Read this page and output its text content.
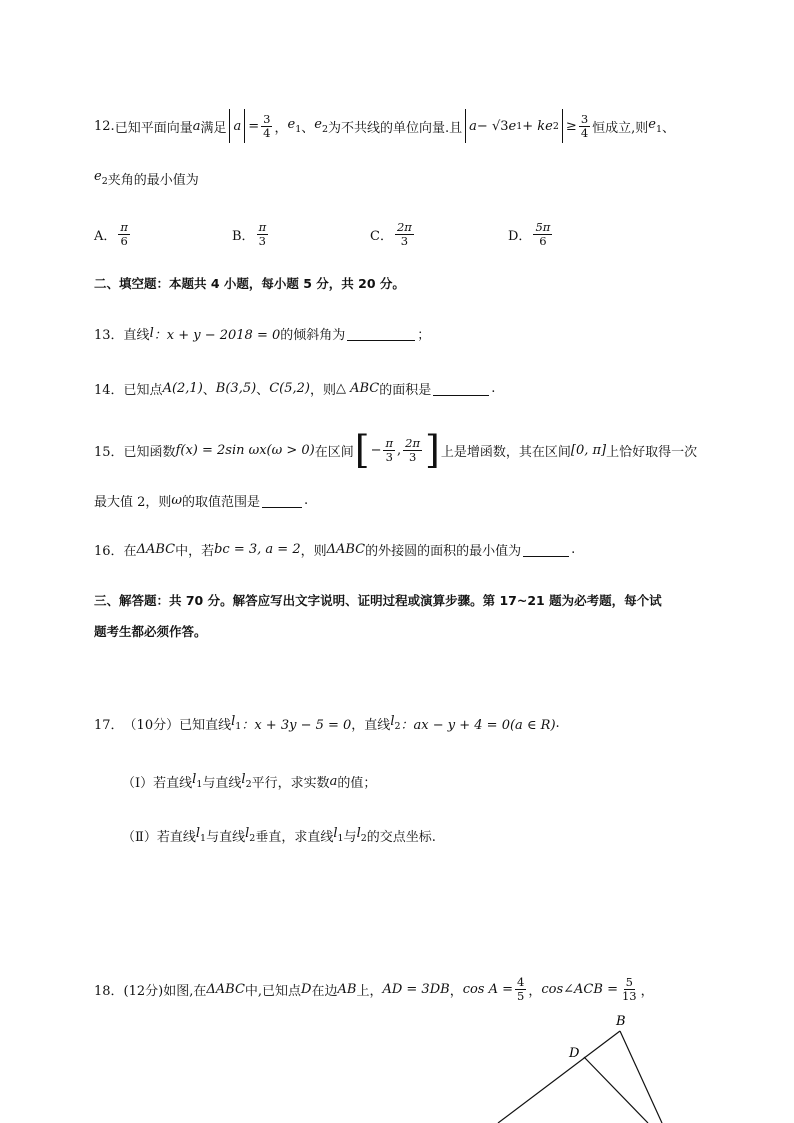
12. 已知平面向量 a 满足 $a = \frac{3}{4}$ ， $e_1$ 、 $e_2$ 为不共线的单位向量.且 a − √3 e 1 + k e $2 \ge \frac{3}{4}$ 恒成立,则 $e_1$ 、
$e_2$ 夹角的最小值为
A． $\frac{\pi}{6}$	B． $\frac{\pi}{3}$	C． $\frac{2\pi}{3}$	D． $\frac{5\pi}{6}$
二、填空题：本题共 4 小题，每小题 5 分，共 20 分。
13． 直线 l ：x + y − 2018 = 0 的倾斜角为	；
14． 已知点 A(2,1) 、 B(3,5) 、 C(5,2) ，则 △ ABC 的面积是	.
15． 已知函数 f(x) = 2sin ωx(ω > 0) 在区间 [ − $\frac{\pi}{3}$ , $\frac{2\pi}{3}$ ] 上是增函数，其在区间 [0, π] 上恰好取得一次
最大值 2，则 ω 的取值范围是	.
16． 在 ΔABC 中，若 bc = 3, a = 2 ，则 ΔABC 的外接圆的面积的最小值为	.
三、解答题：共 70 分。解答应写出文字说明、证明过程或演算步骤。第 17~21 题为必考题，每个试
题考生都必须作答。
17． （10分） 已知直线 $l_1$ ：x + 3y − 5 = 0 ，直线 $l_2$ ：ax − y + 4 = 0(a ∈ R) .
（Ⅰ） 若直线 $l_1$ 与直线 $l_2$ 平行，求实数 a 的值；
（Ⅱ） 若直线 $l_1$ 与直线 $l_2$ 垂直，求直线 $l_1$ 与 $l_2$ 的交点坐标.
18． (12分) 如图,在 ΔABC 中,已知点 D 在边 AB 上， AD = 3DB ， $\cos A = \frac{4}{5}$ ， cos∠ACB = $\frac{5}{13}$ ，
B
D
